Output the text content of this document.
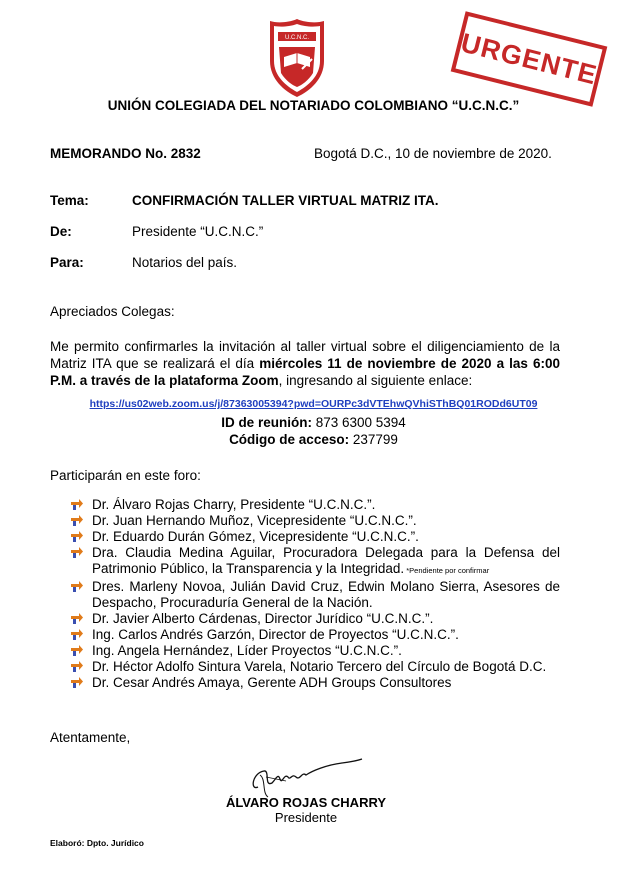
U.C.N.C.	URGENTE
UNIÓN COLEGIADA DEL NOTARIADO COLOMBIANO “U.C.N.C.”
MEMORANDO No. 2832	Bogotá D.C., 10 de noviembre de 2020.
Tema:	CONFIRMACIÓN TALLER VIRTUAL MATRIZ ITA.
De:	Presidente “U.C.N.C.”
Para:	Notarios del país.
Apreciados Colegas:
Me permito confirmarles la invitación al taller virtual sobre el diligenciamiento de la Matriz ITA que se realizará el día miércoles 11 de noviembre de 2020 a las 6:00 P.M. a través de la plataforma Zoom, ingresando al siguiente enlace:
https://us02web.zoom.us/j/87363005394?pwd=OURPc3dVTEhwQVhiSThBQ01RODd6UT09
ID de reunión: 873 6300 5394
Código de acceso: 237799
Participarán en este foro:
Dr. Álvaro Rojas Charry, Presidente “U.C.N.C.”.
Dr. Juan Hernando Muñoz, Vicepresidente “U.C.N.C.”.
Dr. Eduardo Durán Gómez, Vicepresidente “U.C.N.C.”.
Dra. Claudia Medina Aguilar, Procuradora Delegada para la Defensa del Patrimonio Público, la Transparencia y la Integridad. *Pendiente por confirmar
Dres. Marleny Novoa, Julián David Cruz, Edwin Molano Sierra, Asesores de Despacho, Procuraduría General de la Nación.
Dr. Javier Alberto Cárdenas, Director Jurídico “U.C.N.C.”.
Ing. Carlos Andrés Garzón, Director de Proyectos “U.C.N.C.”.
Ing. Angela Hernández, Líder Proyectos “U.C.N.C.”.
Dr. Héctor Adolfo Sintura Varela, Notario Tercero del Círculo de Bogotá D.C.
Dr. Cesar Andrés Amaya, Gerente ADH Groups Consultores
Atentamente,
ÁLVARO ROJAS CHARRY
Presidente
Elaboró: Dpto. Jurídico
